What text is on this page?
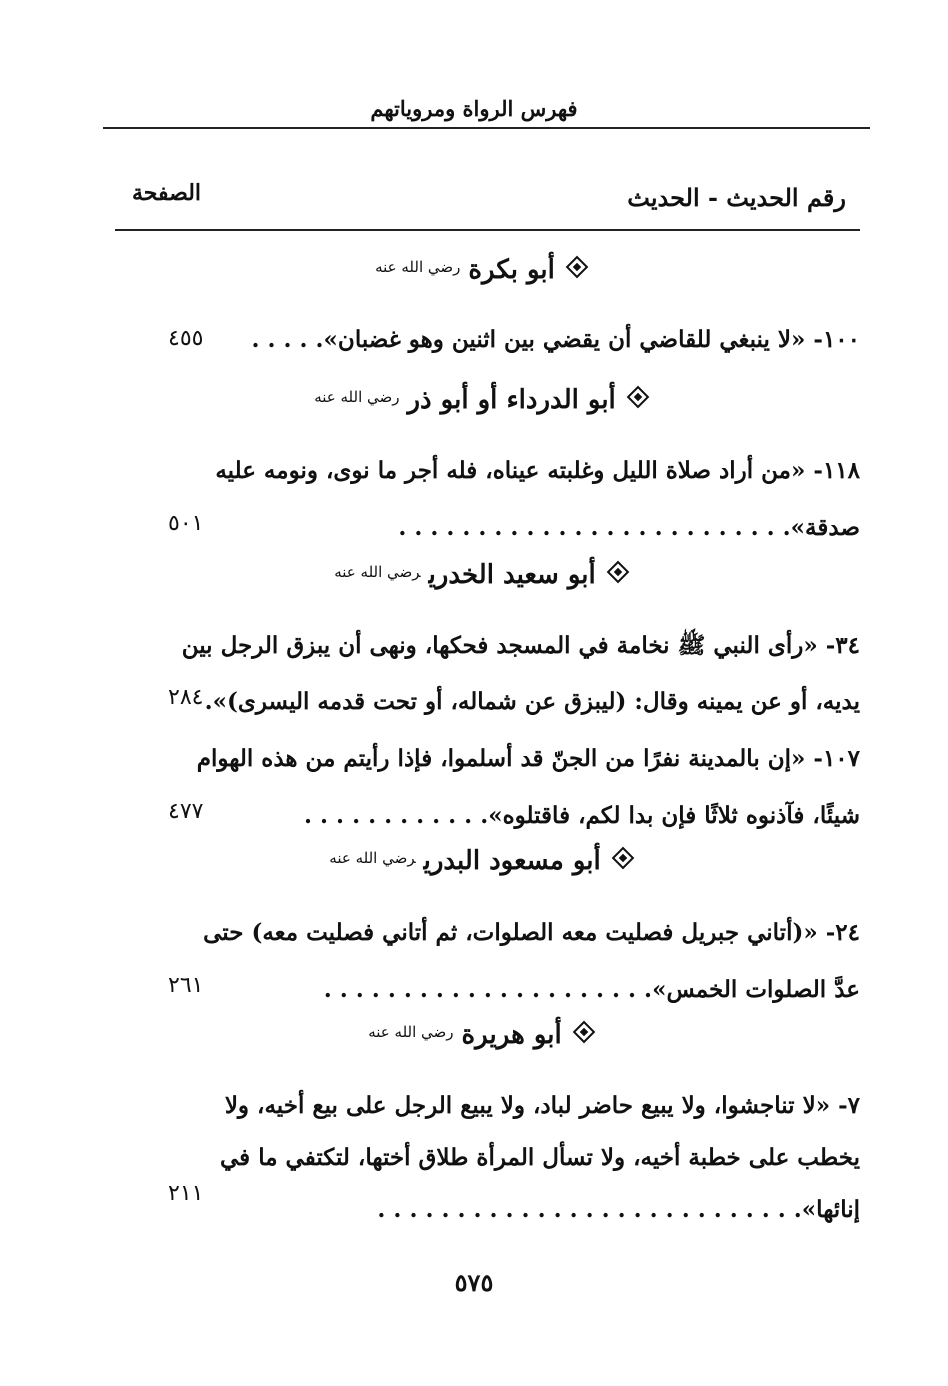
فهرس الرواة ومروياتهم
رقم الحديث - الحديث
الصفحة
أبو بكرة$^{رضي الله عنه}$
١٠٠- «لا ينبغي للقاضي أن يقضي بين اثنين وهو غضبان». . . . .
٤٥٥
أبو الدرداء أو أبو ذر$^{رضي الله عنه}$
١١٨- «من أراد صلاة الليل وغلبته عيناه، فله أجر ما نوى، ونومه عليه
صدقة». . . . . . . . . . . . . . . . . . . . . . . . .
٥٠١
أبو سعيد الخدري$^{رضي الله عنه}$
٣٤- «رأى النبي ﷺ نخامة في المسجد فحكها، ونهى أن يبزق الرجل بين
يديه، أو عن يمينه وقال: (ليبزق عن شماله، أو تحت قدمه اليسرى)».
٢٨٤
١٠٧- «إن بالمدينة نفرًا من الجنّ قد أسلموا، فإذا رأيتم من هذه الهوام
شيئًا، فآذنوه ثلاثًا فإن بدا لكم، فاقتلوه». . . . . . . . . . . .
٤٧٧
أبو مسعود البدري$^{رضي الله عنه}$
٢٤- «(أتاني جبريل فصليت معه الصلوات، ثم أتاني فصليت معه) حتى
عدَّ الصلوات الخمس». . . . . . . . . . . . . . . . . . . . .
٢٦١
أبو هريرة$^{رضي الله عنه}$
٧- «لا تناجشوا، ولا يبيع حاضر لباد، ولا يبيع الرجل على بيع أخيه، ولا
يخطب على خطبة أخيه، ولا تسأل المرأة طلاق أختها، لتكتفي ما في
إنائها». . . . . . . . . . . . . . . . . . . . . . . . . . .
٢١١
٥٧٥
